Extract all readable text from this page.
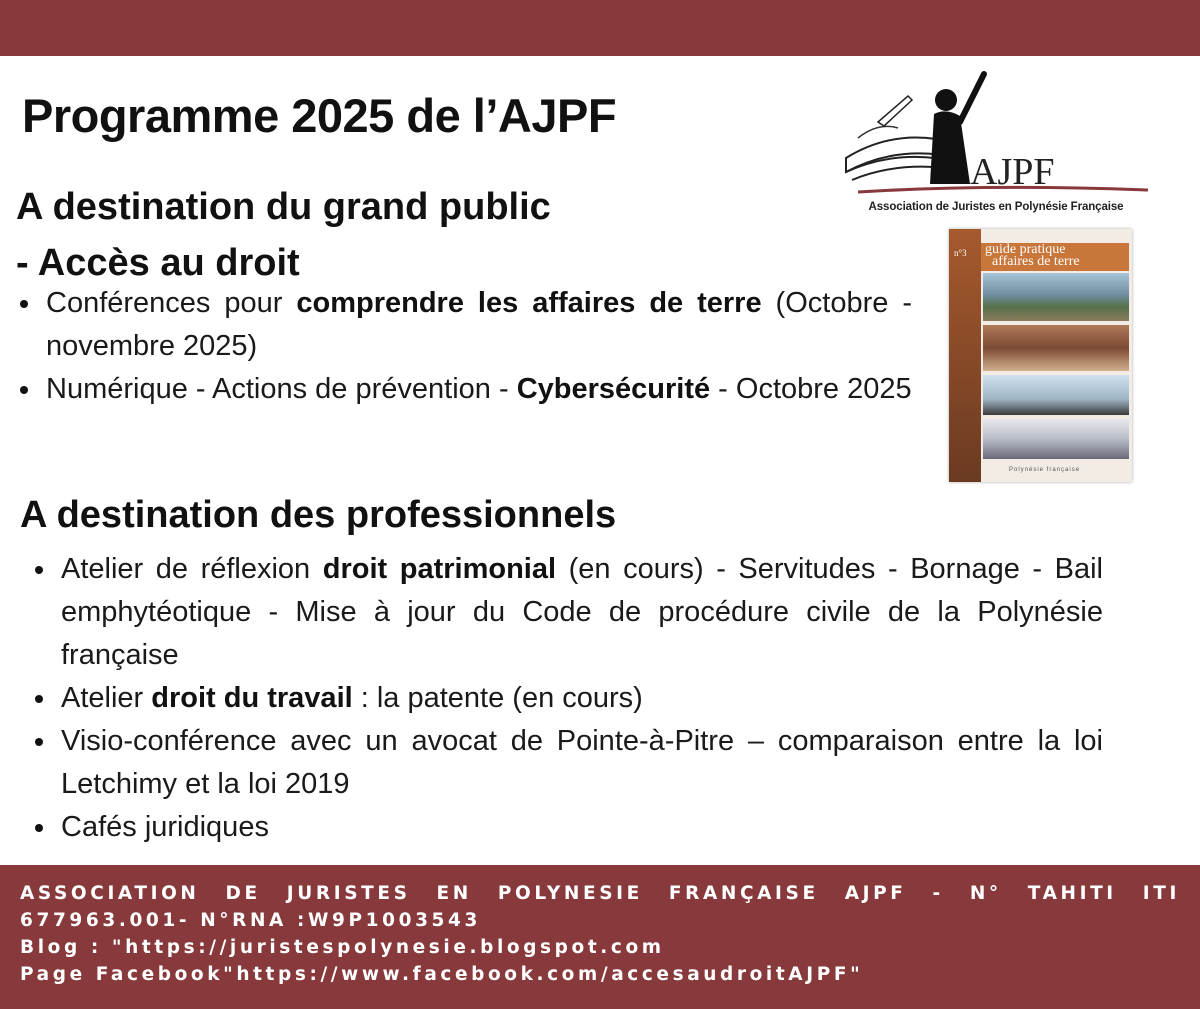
Programme 2025 de l’AJPF
AJPF
Association de Juristes en Polynésie Française
n°3 guide pratique
affaires de terre
Polynésie française
A destination du grand public
- Accès au droit
Conférences pour comprendre les affaires de terre (Octobre - novembre 2025)
Numérique - Actions de prévention - Cybersécurité - Octobre 2025
A destination des professionnels
Atelier de réflexion droit patrimonial (en cours) - Servitudes - Bornage - Bail emphytéotique - Mise à jour du Code de procédure civile de la Polynésie française
Atelier droit du travail : la patente (en cours)
Visio-conférence avec un avocat de Pointe-à-Pitre – comparaison entre la loi Letchimy et la loi 2019
Cafés juridiques

ASSOCIATION DE JURISTES EN POLYNESIE FRANÇAISE AJPF - N° TAHITI ITI
677963.001- N°RNA :W9P1003543
Blog : "https://juristespolynesie.blogspot.com
Page Facebook"https://www.facebook.com/accesaudroitAJPF"
